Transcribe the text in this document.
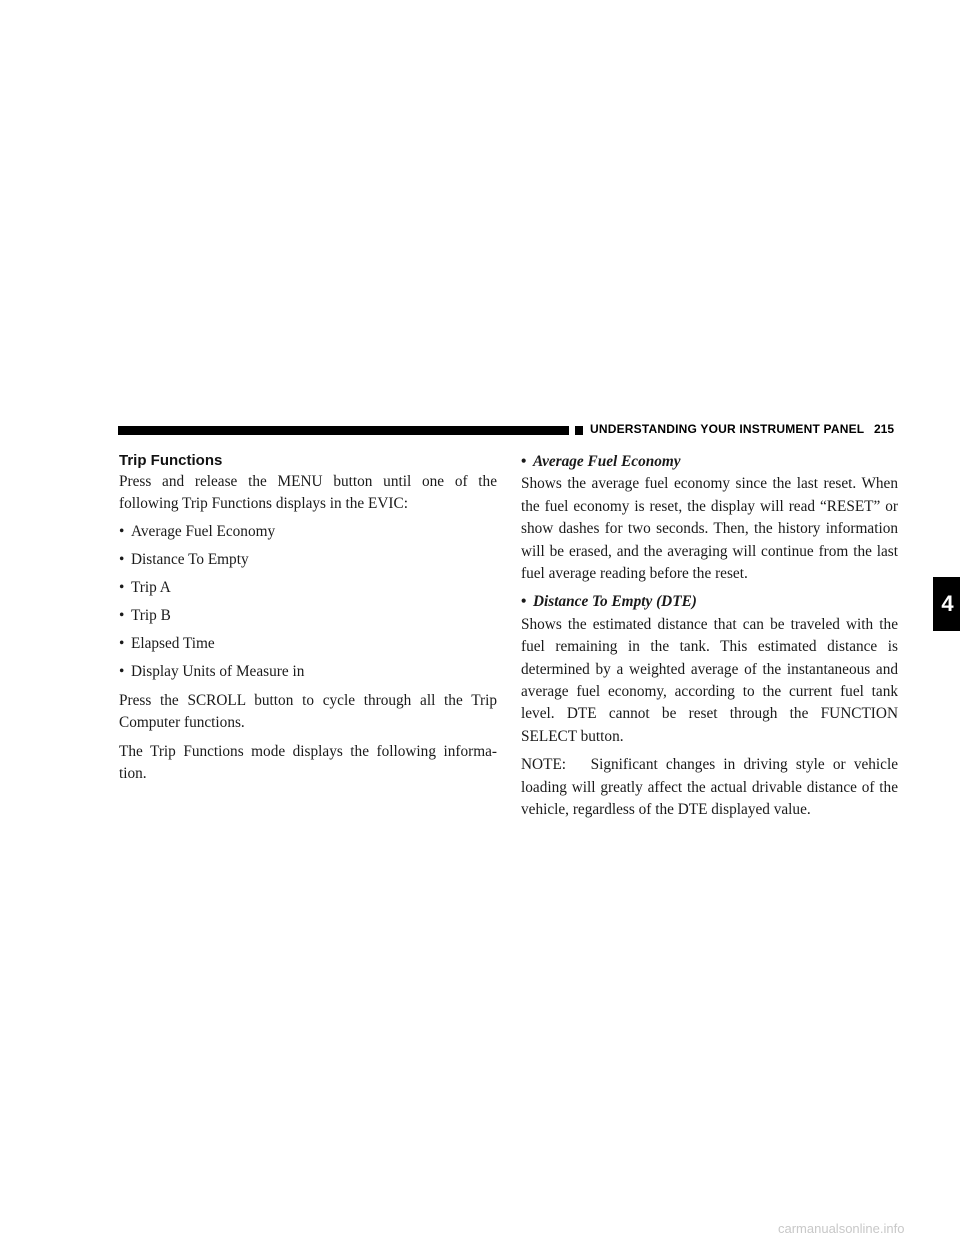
UNDERSTANDING YOUR INSTRUMENT PANEL 215
4
Trip Functions

Press and release the MENU button until one of the following Trip Functions displays in the EVIC:

• Average Fuel Economy
• Distance To Empty
• Trip A
• Trip B
• Elapsed Time
• Display Units of Measure in

Press the SCROLL button to cycle through all the Trip Computer functions.

The Trip Functions mode displays the following informa-tion.

• Average Fuel Economy

Shows the average fuel economy since the last reset. When the fuel economy is reset, the display will read “RESET” or show dashes for two seconds. Then, the history information will be erased, and the averaging will continue from the last fuel average reading before the reset.

• Distance To Empty (DTE)

Shows the estimated distance that can be traveled with the fuel remaining in the tank. This estimated distance is determined by a weighted average of the instantaneous and average fuel economy, according to the current fuel tank level. DTE cannot be reset through the FUNCTION SELECT button.

NOTE: Significant changes in driving style or vehicle loading will greatly affect the actual drivable distance of the vehicle, regardless of the DTE displayed value.

carmanualsonline.info
